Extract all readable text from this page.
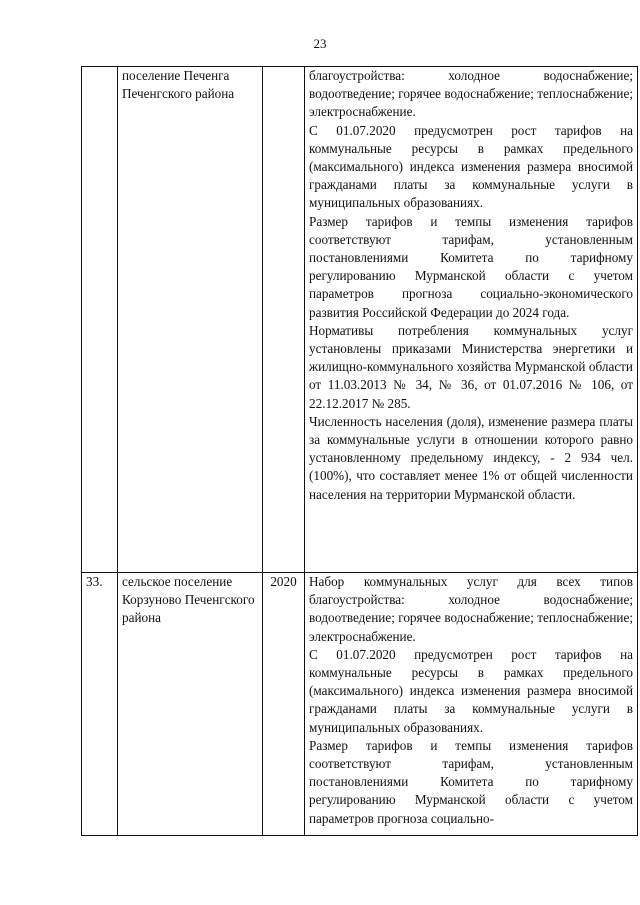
23
	поселение Печенга Печенгского района		благоустройства: холодное водоснабжение; водоотведение; горячее водоснабжение; теплоснабжение; электроснабжение.
С 01.07.2020 предусмотрен рост тарифов на коммунальные ресурсы в рамках предельного (максимального) индекса изменения размера вносимой гражданами платы за коммунальные услуги в муниципальных образованиях.
Размер тарифов и темпы изменения тарифов соответствуют тарифам, установленным постановлениями Комитета по тарифному регулированию Мурманской области с учетом параметров прогноза социально-экономического развития Российской Федерации до 2024 года.
Нормативы потребления коммунальных услуг установлены приказами Министерства энергетики и жилищно-коммунального хозяйства Мурманской области от 11.03.2013 № 34, № 36, от 01.07.2016 № 106, от 22.12.2017 № 285.
Численность населения (доля), изменение размера платы за коммунальные услуги в отношении которого равно установленному предельному индексу, - 2 934 чел. (100%), что составляет менее 1% от общей численности населения на территории Мурманской области.

33.	сельское поселение Корзуново Печенгского района	2020	Набор коммунальных услуг для всех типов благоустройства: холодное водоснабжение; водоотведение; горячее водоснабжение; теплоснабжение; электроснабжение.
С 01.07.2020 предусмотрен рост тарифов на коммунальные ресурсы в рамках предельного (максимального) индекса изменения размера вносимой гражданами платы за коммунальные услуги в муниципальных образованиях.
Размер тарифов и темпы изменения тарифов соответствуют тарифам, установленным постановлениями Комитета по тарифному регулированию Мурманской области с учетом параметров прогноза социально-
